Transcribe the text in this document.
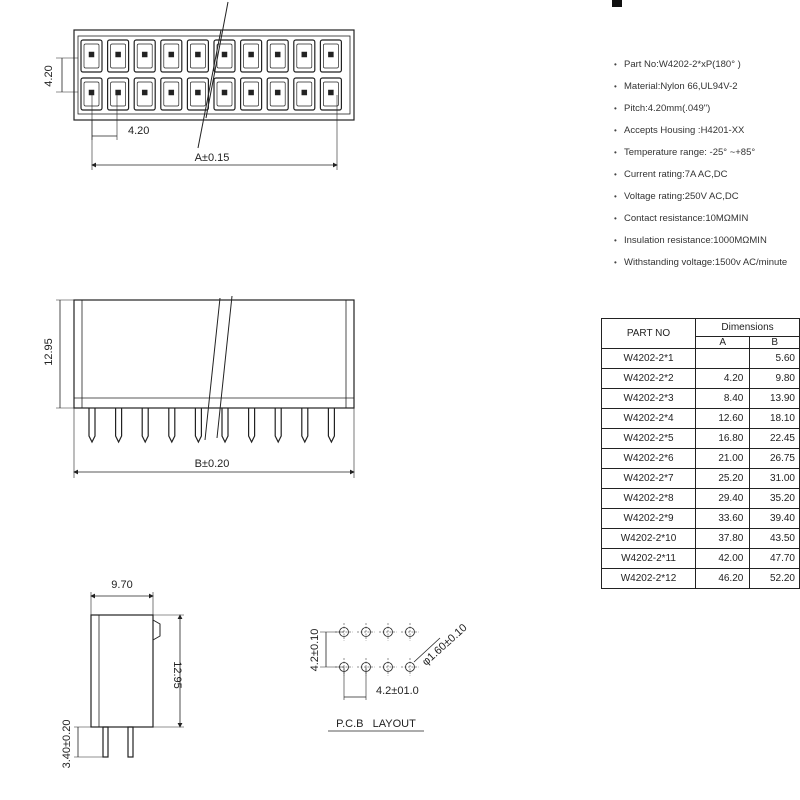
4.20
4.20
A±0.15
12.95
B±0.20
9.70
12.95
3.40±0.20
4.2±0.10
4.2±01.0
φ1.60±0.10
P.C.B   LAYOUT
• Part No:W4202-2*xP(180° )
• Material:Nylon 66,UL94V-2
• Pitch:4.20mm(.049")
• Accepts Housing :H4201-XX
• Temperature range: -25° ~+85°
• Current rating:7A AC,DC
• Voltage rating:250V AC,DC
• Contact resistance:10MΩMIN
• Insulation resistance:1000MΩMIN
• Withstanding voltage:1500v AC/minute
PART NO	Dimensions	
	A	B
W4202-2*1		5.60
W4202-2*2	4.20	9.80
W4202-2*3	8.40	13.90
W4202-2*4	12.60	18.10
W4202-2*5	16.80	22.45
W4202-2*6	21.00	26.75
W4202-2*7	25.20	31.00
W4202-2*8	29.40	35.20
W4202-2*9	33.60	39.40
W4202-2*10	37.80	43.50
W4202-2*11	42.00	47.70
W4202-2*12	46.20	52.20
